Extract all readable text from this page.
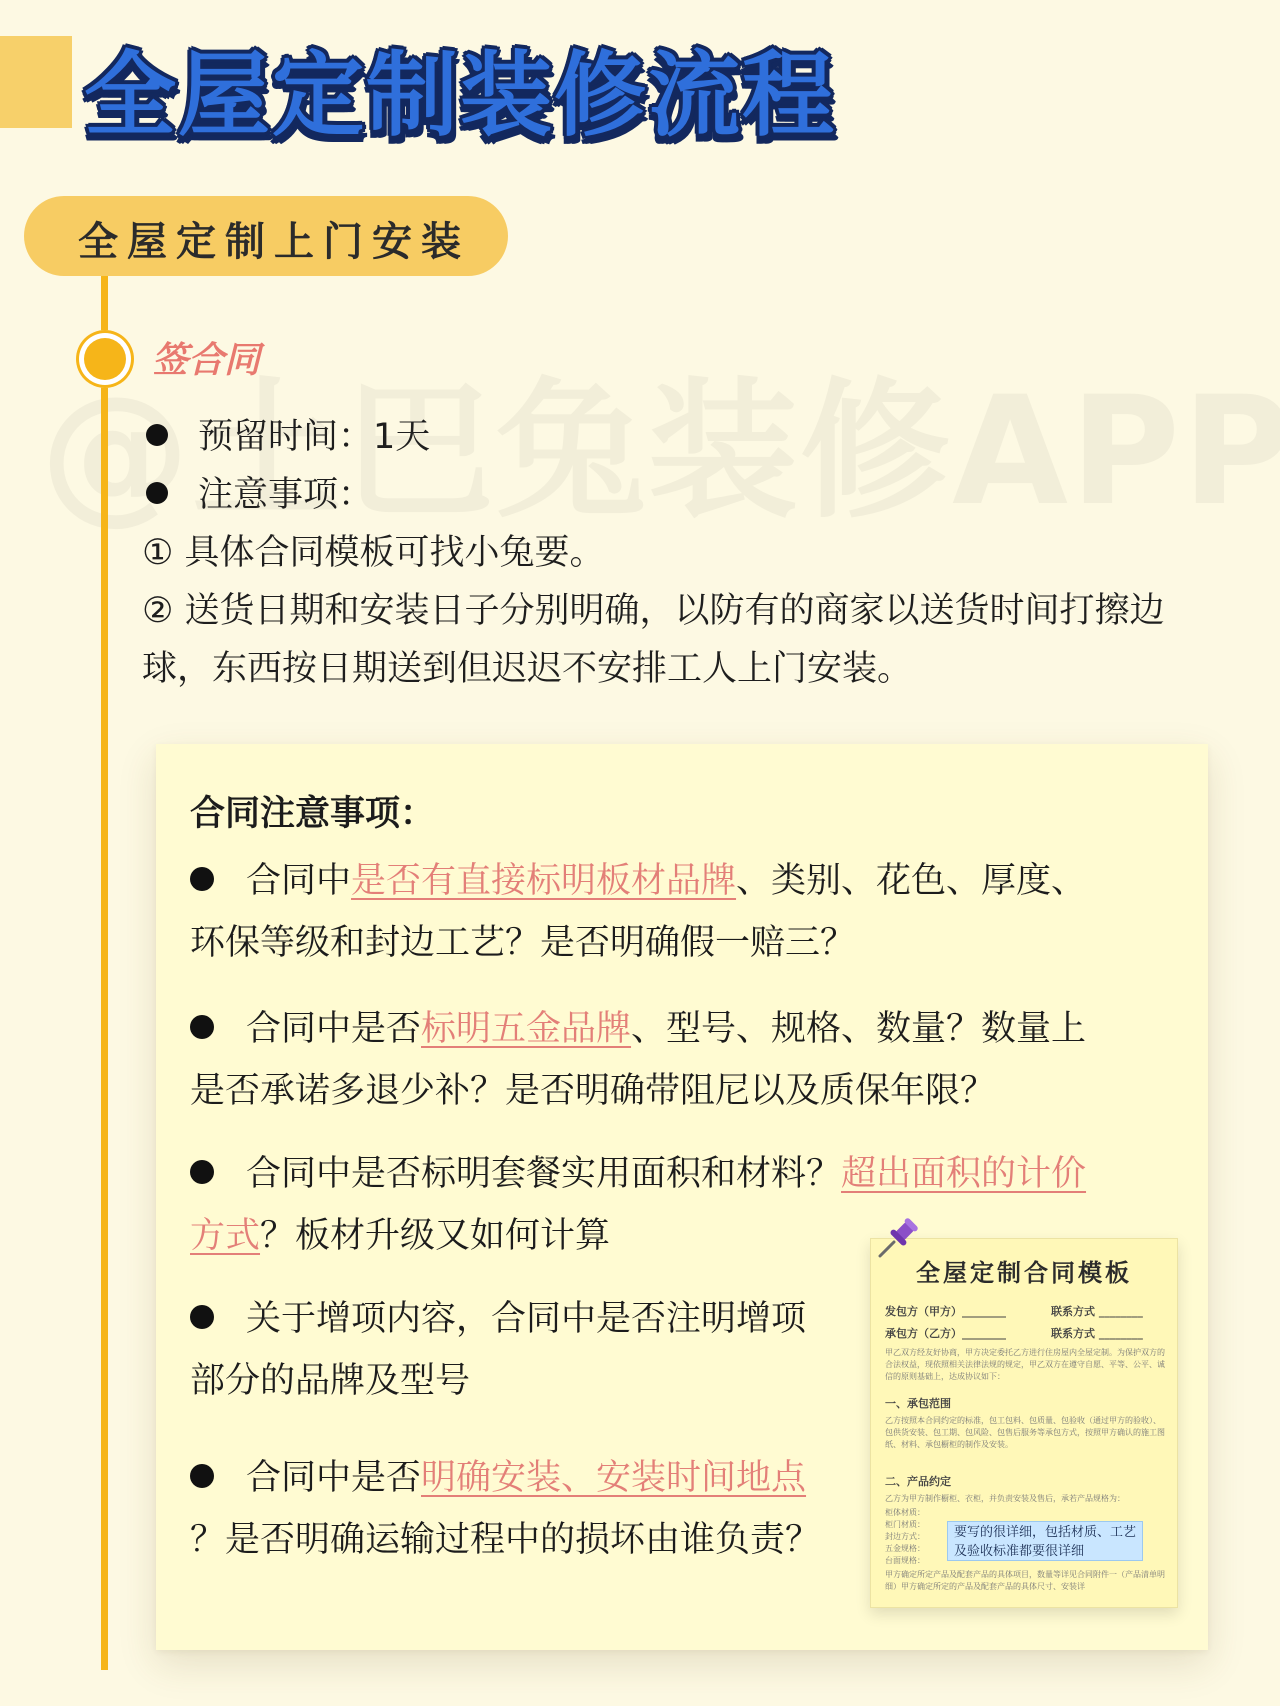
全屋定制装修流程
全屋定制上门安装
签合同
预留时间：1天
注意事项：
① 具体合同模板可找小兔要。
② 送货日期和安装日子分别明确，以防有的商家以送货时间打擦边球，东西按日期送到但迟迟不安排工人上门安装。
合同注意事项：
合同中是否有直接标明板材品牌、类别、花色、厚度、
环保等级和封边工艺？是否明确假一赔三？
合同中是否标明五金品牌、型号、规格、数量？数量上
是否承诺多退少补？是否明确带阻尼以及质保年限？
合同中是否标明套餐实用面积和材料？超出面积的计价
方式？板材升级又如何计算
关于增项内容，合同中是否注明增项
部分的品牌及型号
合同中是否明确安装、安装时间地点
？是否明确运输过程中的损坏由谁负责？
全屋定制合同模板
发包方（甲方）________	联系方式 ________
承包方（乙方）________	联系方式 ________
甲乙双方经友好协商，甲方决定委托乙方进行住房屋内全屋定制。为保护双方的合法权益，现依照相关法律法规的规定，甲乙双方在遵守自愿、平等、公平、诚信的原则基础上，达成协议如下：
一、承包范围
乙方按照本合同约定的标准，包工包料、包质量、包验收（通过甲方的验收）、包供货安装、包工期、包风险、包售后服务等承包方式，按照甲方确认的施工图纸、材料、承包橱柜的制作及安装。
二、产品约定
乙方为甲方制作橱柜、衣柜，并负责安装及售后，承若产品规格为：
柜体材质：
柜门材质：
封边方式：
五金规格：
台面规格：
甲方确定所定产品及配套产品的具体项目，数量等详见合同附件一（产品清单明细）甲方确定所定的产品及配套产品的具体尺寸、安装详
要写的很详细，包括材质、工艺及验收标准都要很详细
